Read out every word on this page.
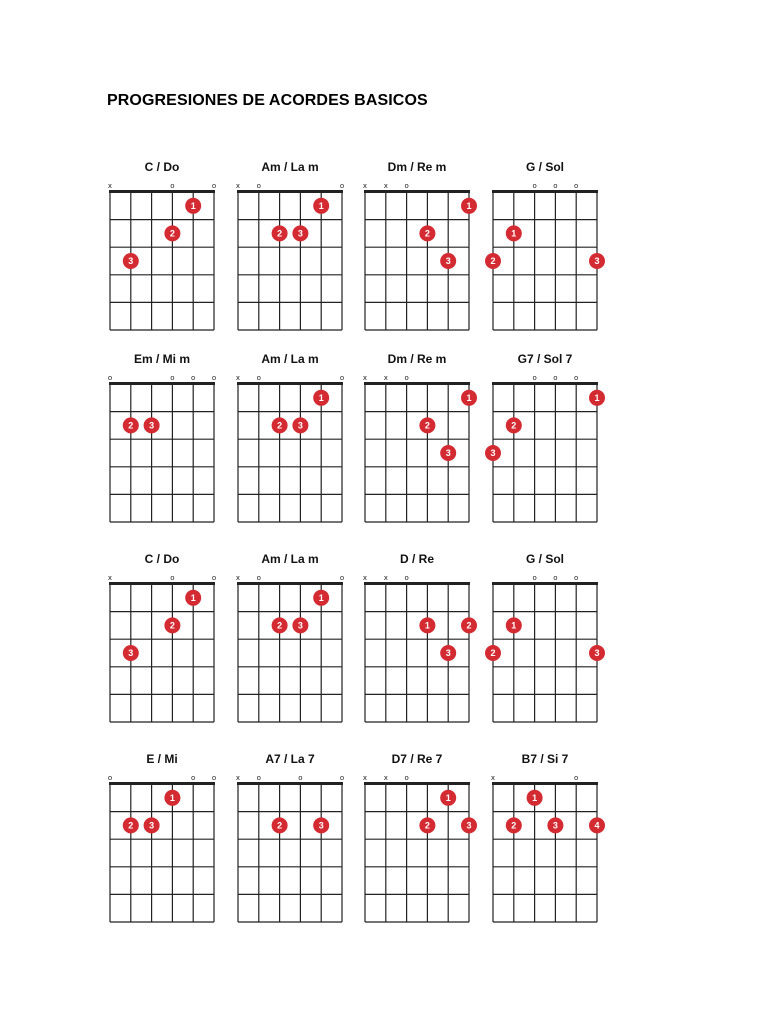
PROGRESIONES DE ACORDES BASICOS
C / Do
x	o	o
1
2
3
Am / La m
x o	o
1
2 3
Dm / Re m
x x o
1
2
3
G / Sol
o o o
1
2	3
Em / Mi m
o	o o o
2 3
Am / La m
x o	o
1
2 3
Dm / Re m
x x o
1
2
3
G7 / Sol 7
o o o
1
2
3
C / Do
x	o	o
1
2
3
Am / La m
x o	o
1
2 3
D / Re
x x o
1	2
3
G / Sol
o o o
1
2	3
E / Mi
o	o o
1
2 3
A7 / La 7
x o	o	o
2	3
D7 / Re 7
x x o
1
2	3
B7 / Si 7
x	o
1
2	3	4
